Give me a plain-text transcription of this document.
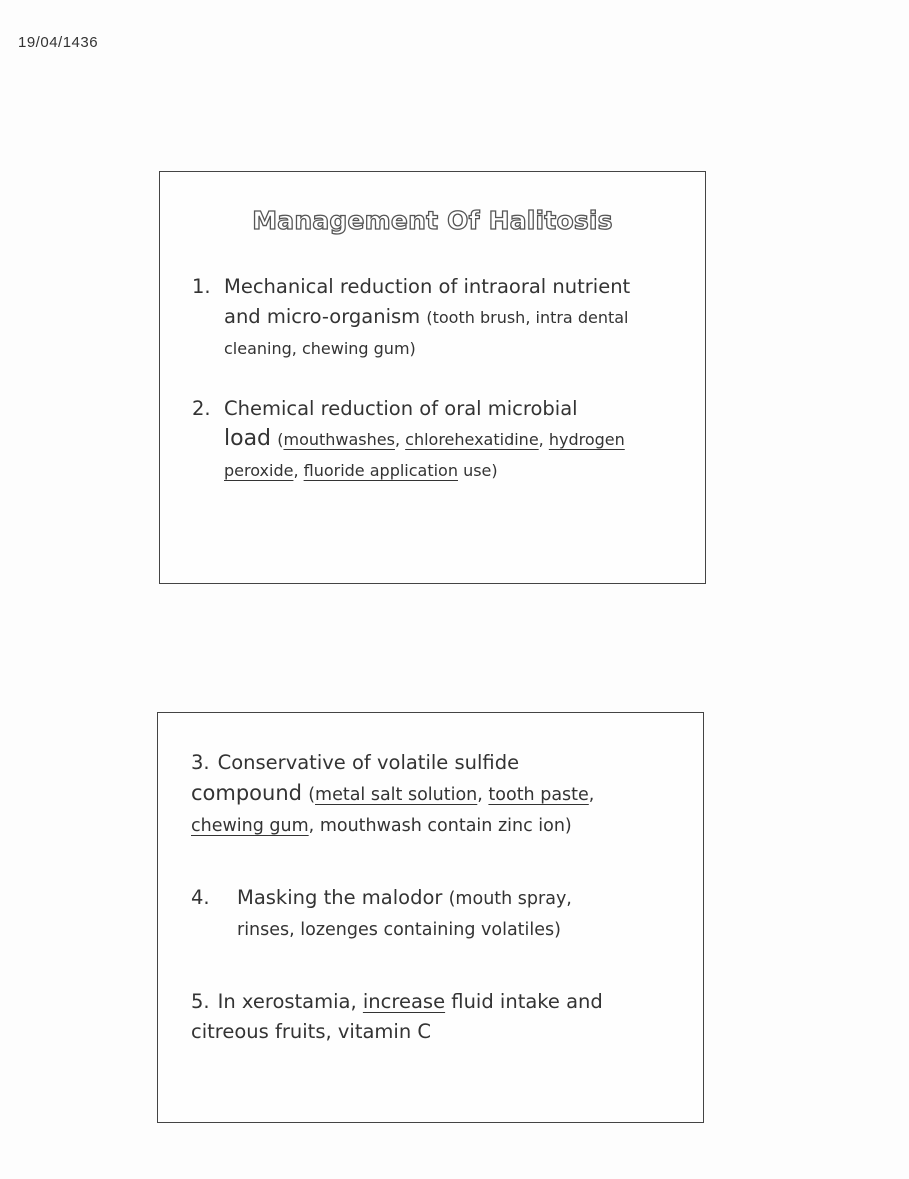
19/04/1436
Management Of Halitosis
1. Mechanical reduction of intraoral nutrient
and micro-organism (tooth brush, intra dental
cleaning, chewing gum)
2. Chemical reduction of oral microbial
load (mouthwashes, chlorehexatidine, hydrogen
peroxide, fluoride application use)
3. Conservative of volatile sulfide
compound (metal salt solution, tooth paste,
chewing gum, mouthwash contain zinc ion)
4.	Masking the malodor (mouth spray,
rinses, lozenges containing volatiles)
5. In xerostamia, increase fluid intake and
citreous fruits, vitamin C
